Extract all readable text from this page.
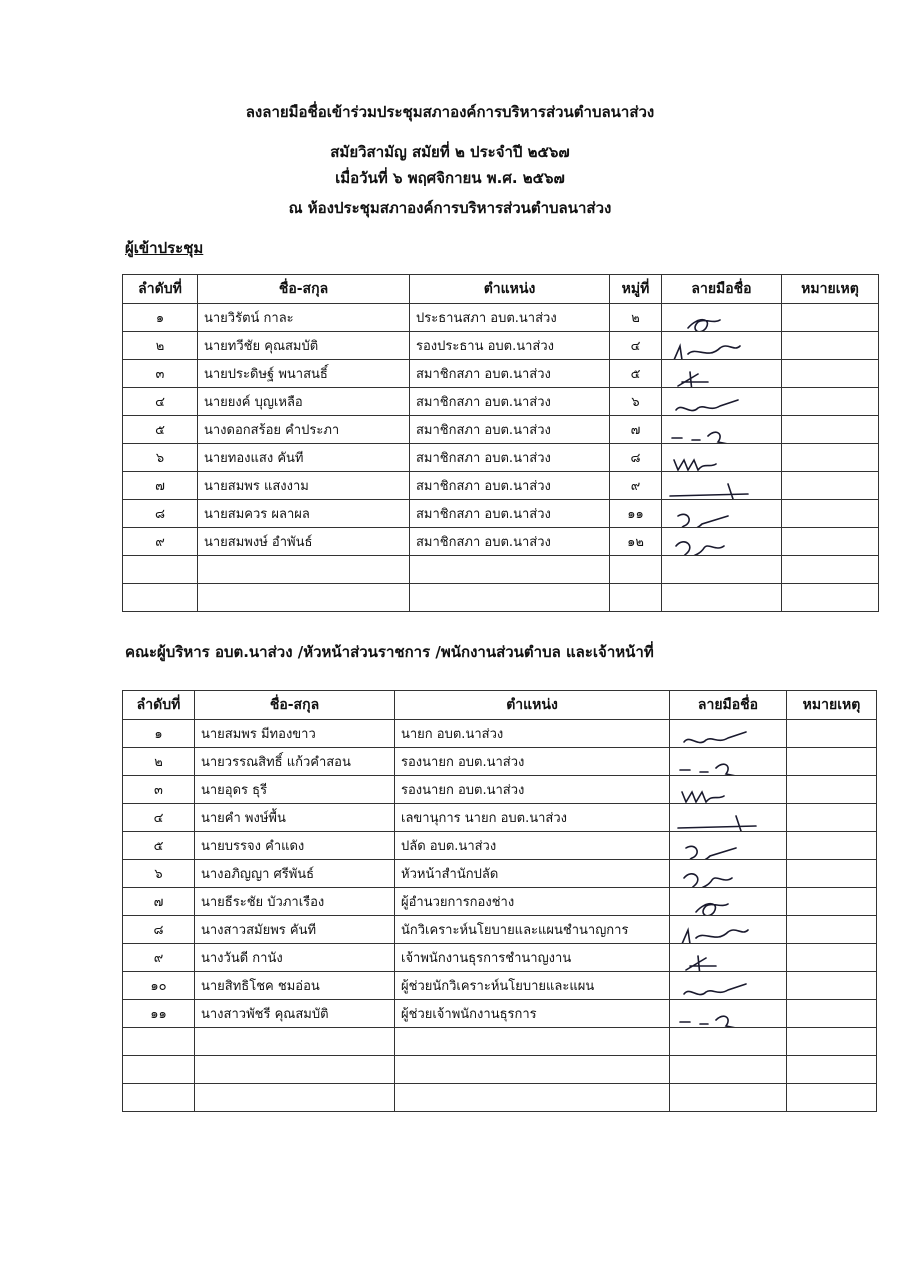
ลงลายมือชื่อเข้าร่วมประชุมสภาองค์การบริหารส่วนตำบลนาส่วง
สมัยวิสามัญ สมัยที่ ๒ ประจำปี ๒๕๖๗
เมื่อวันที่ ๖ พฤศจิกายน พ.ศ. ๒๕๖๗
ณ ห้องประชุมสภาองค์การบริหารส่วนตำบลนาส่วง
ผู้เข้าประชุม
ลำดับที่	ชื่อ-สกุล	ตำแหน่ง	หมู่ที่	ลายมือชื่อ	หมายเหตุ
๑	นายวิรัตน์ กาละ	ประธานสภา อบต.นาส่วง	๒	

๒	นายทวีชัย คุณสมบัติ	รองประธาน อบต.นาส่วง	๔	

๓	นายประดิษฐ์ พนาสนธิ์	สมาชิกสภา อบต.นาส่วง	๕	

๔	นายยงค์ บุญเหลือ	สมาชิกสภา อบต.นาส่วง	๖	

๕	นางดอกสร้อย คำประภา	สมาชิกสภา อบต.นาส่วง	๗	

๖	นายทองแสง คันที	สมาชิกสภา อบต.นาส่วง	๘	

๗	นายสมพร แสงงาม	สมาชิกสภา อบต.นาส่วง	๙	

๘	นายสมควร ผลาผล	สมาชิกสภา อบต.นาส่วง	๑๑	

๙	นายสมพงษ์ อำพันธ์	สมาชิกสภา อบต.นาส่วง	๑๒	

คณะผู้บริหาร อบต.นาส่วง /หัวหน้าส่วนราชการ /พนักงานส่วนตำบล และเจ้าหน้าที่
ลำดับที่	ชื่อ-สกุล	ตำแหน่ง	ลายมือชื่อ	หมายเหตุ
๑	นายสมพร มีทองขาว	นายก อบต.นาส่วง	

๒	นายวรรณสิทธิ์ แก้วคำสอน	รองนายก อบต.นาส่วง	

๓	นายอุดร ธุรี	รองนายก อบต.นาส่วง	

๔	นายคำ พงษ์พื้น	เลขานุการ นายก อบต.นาส่วง	

๕	นายบรรจง คำแดง	ปลัด อบต.นาส่วง	

๖	นางอภิญญา ศรีพันธ์	หัวหน้าสำนักปลัด	

๗	นายธีระชัย บัวภาเรือง	ผู้อำนวยการกองช่าง	

๘	นางสาวสมัยพร คันที	นักวิเคราะห์นโยบายและแผนชำนาญการ	

๙	นางวันดี กานัง	เจ้าพนักงานธุรการชำนาญงาน	

๑๐	นายสิทธิโชค ชมอ่อน	ผู้ช่วยนักวิเคราะห์นโยบายและแผน	

๑๑	นางสาวพัชรี คุณสมบัติ	ผู้ช่วยเจ้าพนักงานธุรการ	
